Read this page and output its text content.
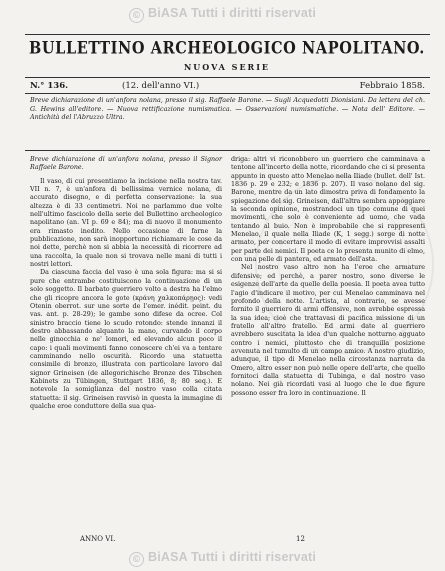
© BiASA Tutti i diritti riservati
BULLETTINO ARCHEOLOGICO NAPOLITANO.
NUOVA SERIE
N.° 136.	(12. dell'anno VI.)	Febbraio 1858.
Breve dichiarazione di un'anfora nolana, presso il sig. Raffaele Barone. — Sugli Acquedotti Dionisiani. Da lettera del ch. G. Hewins all'editore. — Nuova rettificazione numismatica. — Osservazioni numismatiche. — Nota dell' Editore. — Antichità del l'Abruzzo Ultra.

Breve dichiarazione di un'anfora nolana, presso il Signor Raffaele Barone.

Il vaso, di cui presentiamo la incisione nella nostra tav. VII n. 7, è un'anfora di bellissima vernice nolana, di accurato disegno, e di perfetta conservazione: la sua altezza è di 33 centimetri. Noi ne parlammo due volte nell'ultimo fascicolo della serie del Bullettino archeologico napolitano (an. VI p. 69 e 84); ma di nuovo il monumento era rimasto inedito. Nello occasione di farne la pubblicazione, non sarà inopportuno richiamare le cose da noi dette, perchè non si abbia la necessità di ricorrere ad una raccolta, la quale non si trovava nelle mani di tutti i nostri lettori.

Da ciascuna faccia del vaso è una sola figura: ma si si pure che entrambe costituiscono la continuazione di un solo soggetto. Il barbato guerriero volto a destra ha l'elmo che gli ricopre ancora le gote (κράνη χαλκοπάρῃος): vedi Otenin oberrot. sur une sorte de l'emer. inédit. peint. du vas. ant. p. 28-29); le gambe sono difese da ocree. Col sinistro braccio tiene lo scudo rotondo: stende innanzi il destro abbassando alquanto la mano, curvando il corpo nelle ginocchia e ne' lomori, ed elevando alcun poco il capo: i quali movimenti fanno conoscere ch'ei va a tentare camminando nello oscurità. Ricordo una statuetta consimile di bronzo, illustrata con particolare lavoro dal signor Grineisen (de allegorichische Bronze des Tibschen Kabinets zu Tübingen, Stuttgart 1836, 8; 80 seq.). E notevole la somiglianza del nostro vaso colla citata statuetta: il sig. Grineisen ravvisò in questa la immagine di qualche eroe conduttore della sua qua-

driga: altri vi riconobbero un guerriero che camminava a tentone all'incerto della notte, ricordando che ci si presenta appunto in questo atto Menelao nella Iliade (bullet. dell' Ist. 1836 p. 29 e 232; e 1836 p. 207). Il vaso nolano del sig. Barone, mentre da un lato dimostra priva di fondamento la spiegazione del sig. Grineisen, dall'altra sembra appoggiare la seconda opinione, mostrandoci un tipo comune di quei movimenti, che solo è conveniente ad uomo, che vada tentando al buio. Non è improbabile che si rappresenti Menelao, il quale nella Iliade (K, 1 segg.) sorge di notte armato, per concertare il modo di evitare improvvisi assalti per parte dei nemici. Il poeta ce lo presenta munito di elmo, con una pelle di pantera, ed armato dell'asta.

Nel nostro vaso altro non ha l'eroe che armature difensive; ed perchè, a parer nostro, sono diverse le esigenze dell'arte da quelle della poesia. Il poeta avea tutto l'agio d'indicare il motivo, per cui Menelao camminava nel profondo della notte. L'artista, al contrario, se avesse fornito il guerriero di armi offensive, non avrebbe espressa la sua idea; cioè che trattavasi di pacifica missione di un fratello all'altro fratello. Ed armi date al guerriero avrebbero suscitata la idea d'un qualche notturno agguato contro i nemici, piuttosto che di tranquilla posizione avvenuta nel tumulto di un campo amico. A nostro giudizio, adunque, il tipo di Menelao nella circostanza narrata da Omero, altro esser non può nelle opere dell'arte, che quello fornitoci dalla statuetta di Tubinga, e dal nostro vaso nolano. Nei già ricordati vasi al luogo che le due figure possono esser fra loro in continuazione. Il

ANNO VI.	12
© BiASA Tutti i diritti riservati
